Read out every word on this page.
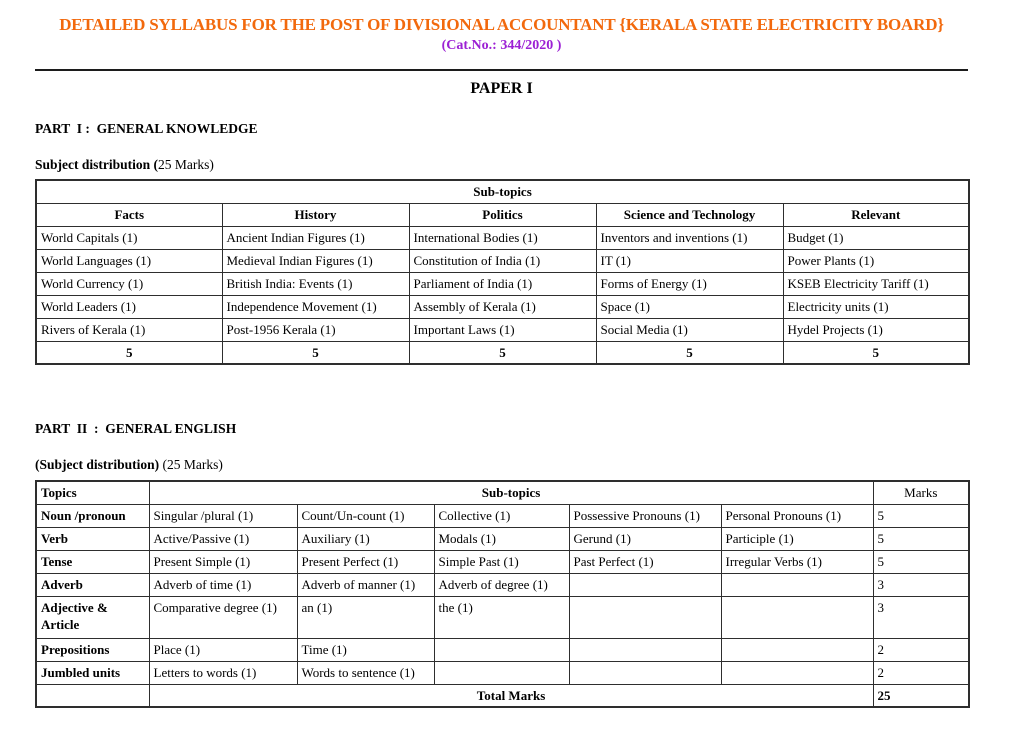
DETAILED SYLLABUS FOR THE POST OF DIVISIONAL ACCOUNTANT {KERALA STATE ELECTRICITY BOARD}
(Cat.No.: 344/2020 )
PAPER I
PART  I :  GENERAL KNOWLEDGE
Subject distribution (25 Marks)
Sub-topics				
Facts	History	Politics	Science and Technology	Relevant
World Capitals (1)	Ancient Indian Figures (1)	International Bodies (1)	Inventors and inventions (1)	Budget (1)
World Languages (1)	Medieval Indian Figures (1)	Constitution of India (1)	IT (1)	Power Plants (1)
World Currency (1)	British India: Events (1)	Parliament of India (1)	Forms of Energy (1)	KSEB Electricity Tariff (1)
World Leaders (1)	Independence Movement (1)	Assembly of Kerala (1)	Space (1)	Electricity units (1)
Rivers of Kerala (1)	Post-1956 Kerala (1)	Important Laws (1)	Social Media (1)	Hydel Projects (1)
5	5	5	5	5
PART  II  :  GENERAL ENGLISH
(Subject distribution) (25 Marks)
Topics	Sub-topics					Marks
Noun /pronoun	Singular /plural (1)	Count/Un-count (1)	Collective (1)	Possessive Pronouns (1)	Personal Pronouns (1)	5
Verb	Active/Passive (1)	Auxiliary (1)	Modals (1)	Gerund (1)	Participle (1)	5
Tense	Present Simple (1)	Present Perfect (1)	Simple Past (1)	Past Perfect (1)	Irregular Verbs (1)	5
Adverb	Adverb of time (1)	Adverb of manner (1)	Adverb of degree (1)			3
Adjective & Article	Comparative degree (1)	an (1)	the (1)			3
Prepositions	Place (1)	Time (1)				2
Jumbled units	Letters to words (1)	Words to sentence (1)				2
	Total Marks					25
